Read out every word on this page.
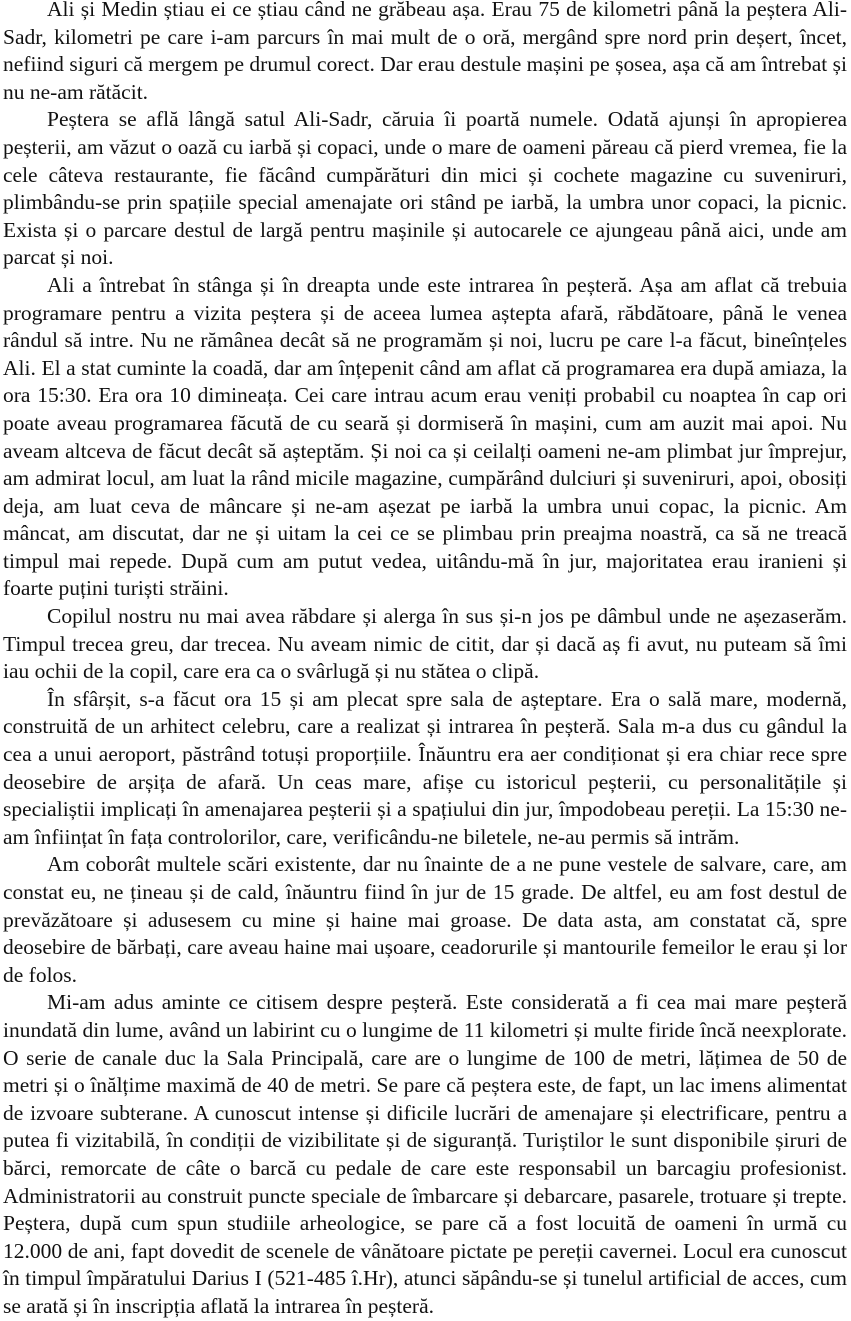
Ali și Medin știau ei ce știau când ne grăbeau așa. Erau 75 de kilometri până la peștera Ali-Sadr, kilometri pe care i-am parcurs în mai mult de o oră, mergând spre nord prin deșert, încet, nefiind siguri că mergem pe drumul corect. Dar erau destule mașini pe șosea, așa că am întrebat și nu ne-am rătăcit.

Peștera se află lângă satul Ali-Sadr, căruia îi poartă numele. Odată ajunși în apropierea peșterii, am văzut o oază cu iarbă și copaci, unde o mare de oameni păreau că pierd vremea, fie la cele câteva restaurante, fie făcând cumpărături din mici și cochete magazine cu suveniruri, plimbându-se prin spațiile special amenajate ori stând pe iarbă, la umbra unor copaci, la picnic. Exista și o parcare destul de largă pentru mașinile și autocarele ce ajungeau până aici, unde am parcat și noi.

Ali a întrebat în stânga și în dreapta unde este intrarea în peșteră. Așa am aflat că trebuia programare pentru a vizita peștera și de aceea lumea aștepta afară, răbdătoare, până le venea rândul să intre. Nu ne rămânea decât să ne programăm și noi, lucru pe care l-a făcut, bineînțeles Ali. El a stat cuminte la coadă, dar am înțepenit când am aflat că programarea era după amiaza, la ora 15:30. Era ora 10 dimineața. Cei care intrau acum erau veniți probabil cu noaptea în cap ori poate aveau programarea făcută de cu seară și dormiseră în mașini, cum am auzit mai apoi. Nu aveam altceva de făcut decât să așteptăm. Și noi ca și ceilalți oameni ne-am plimbat jur împrejur, am admirat locul, am luat la rând micile magazine, cumpărând dulciuri și suveniruri, apoi, obosiți deja, am luat ceva de mâncare și ne-am așezat pe iarbă la umbra unui copac, la picnic. Am mâncat, am discutat, dar ne și uitam la cei ce se plimbau prin preajma noastră, ca să ne treacă timpul mai repede. După cum am putut vedea, uitându-mă în jur, majoritatea erau iranieni și foarte puțini turiști străini.

Copilul nostru nu mai avea răbdare și alerga în sus și-n jos pe dâmbul unde ne așezaserăm. Timpul trecea greu, dar trecea. Nu aveam nimic de citit, dar și dacă aș fi avut, nu puteam să îmi iau ochii de la copil, care era ca o svârlugă și nu stătea o clipă.

În sfârșit, s-a făcut ora 15 și am plecat spre sala de așteptare. Era o sală mare, modernă, construită de un arhitect celebru, care a realizat și intrarea în peșteră. Sala m-a dus cu gândul la cea a unui aeroport, păstrând totuși proporțiile. Înăuntru era aer condiționat și era chiar rece spre deosebire de arșița de afară. Un ceas mare, afișe cu istoricul peșterii, cu personalitățile și specialiștii implicați în amenajarea peșterii și a spațiului din jur, împodobeau pereții. La 15:30 ne-am înființat în fața controlorilor, care, verificându-ne biletele, ne-au permis să intrăm.

Am coborât multele scări existente, dar nu înainte de a ne pune vestele de salvare, care, am constat eu, ne țineau și de cald, înăuntru fiind în jur de 15 grade. De altfel, eu am fost destul de prevăzătoare și adusesem cu mine și haine mai groase. De data asta, am constatat că, spre deosebire de bărbați, care aveau haine mai ușoare, ceadorurile și mantourile femeilor le erau și lor de folos.

Mi-am adus aminte ce citisem despre peșteră. Este considerată a fi cea mai mare peșteră inundată din lume, având un labirint cu o lungime de 11 kilometri și multe firide încă neexplorate. O serie de canale duc la Sala Principală, care are o lungime de 100 de metri, lățimea de 50 de metri și o înălțime maximă de 40 de metri. Se pare că peștera este, de fapt, un lac imens alimentat de izvoare subterane. A cunoscut intense și dificile lucrări de amenajare și electrificare, pentru a putea fi vizitabilă, în condiții de vizibilitate și de siguranță. Turiștilor le sunt disponibile șiruri de bărci, remorcate de câte o barcă cu pedale de care este responsabil un barcagiu profesionist. Administratorii au construit puncte speciale de îmbarcare și debarcare, pasarele, trotuare și trepte. Peștera, după cum spun studiile arheologice, se pare că a fost locuită de oameni în urmă cu 12.000 de ani, fapt dovedit de scenele de vânătoare pictate pe pereții cavernei. Locul era cunoscut în timpul împăratului Darius I (521-485 î.Hr), atunci săpându-se și tunelul artificial de acces, cum se arată și în inscripția aflată la intrarea în peșteră.
